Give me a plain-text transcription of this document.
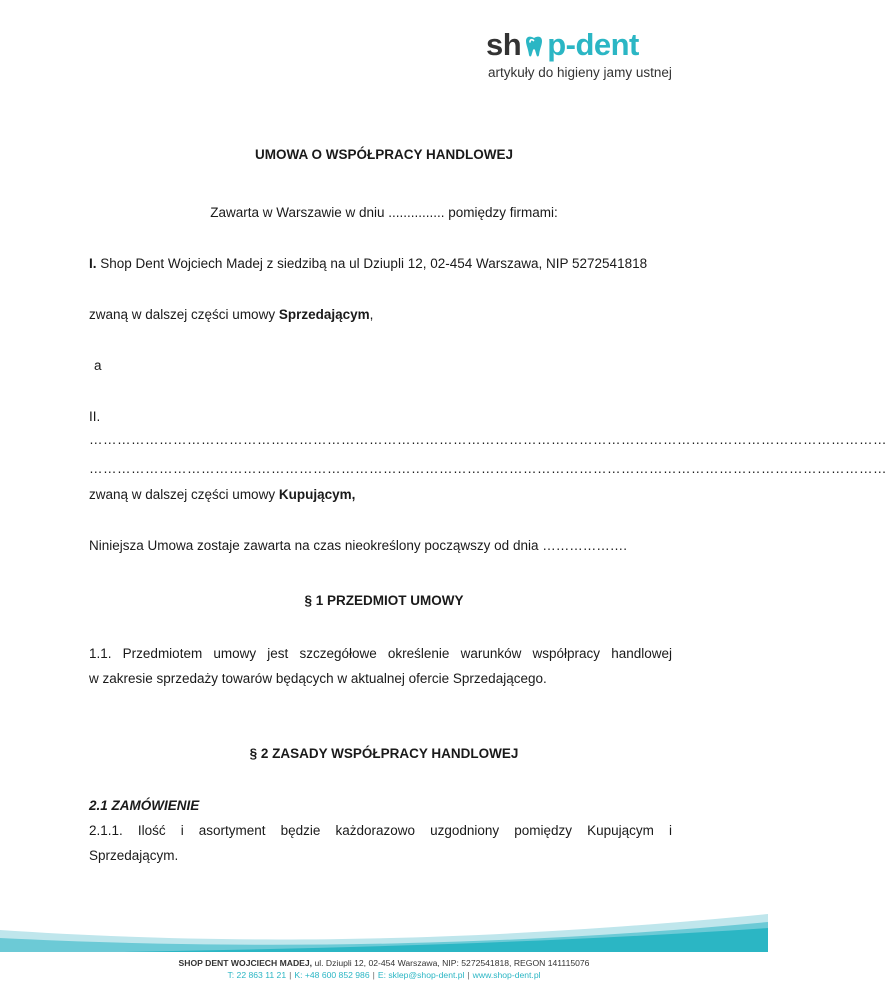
sh p-dent
artykuły do higieny jamy ustnej
UMOWA O WSPÓŁPRACY HANDLOWEJ
Zawarta w Warszawie w dniu ............... pomiędzy firmami:
I. Shop Dent Wojciech Madej z siedzibą na ul Dziupli 12, 02-454 Warszawa, NIP 5272541818
zwaną w dalszej części umowy Sprzedającym,
a
II.
………………………………………………………………………………………………………………………………………………………
………………………………………………………………………………………………………………………………………………………
zwaną w dalszej części umowy Kupującym,
Niniejsza Umowa zostaje zawarta na czas nieokreślony począwszy od dnia ……………….
§ 1 PRZEDMIOT UMOWY
1.1. Przedmiotem umowy jest szczegółowe określenie warunków współpracy handlowej
w zakresie sprzedaży towarów będących w aktualnej ofercie Sprzedającego.
§ 2 ZASADY WSPÓŁPRACY HANDLOWEJ
2.1 ZAMÓWIENIE
2.1.1. Ilość i asortyment będzie każdorazowo uzgodniony pomiędzy Kupującym i
Sprzedającym.
SHOP DENT WOJCIECH MADEJ, ul. Dziupli 12, 02-454 Warszawa, NIP: 5272541818, REGON 141115076
T: 22 863 11 21 | K: +48 600 852 986 | E: sklep@shop-dent.pl | www.shop-dent.pl
